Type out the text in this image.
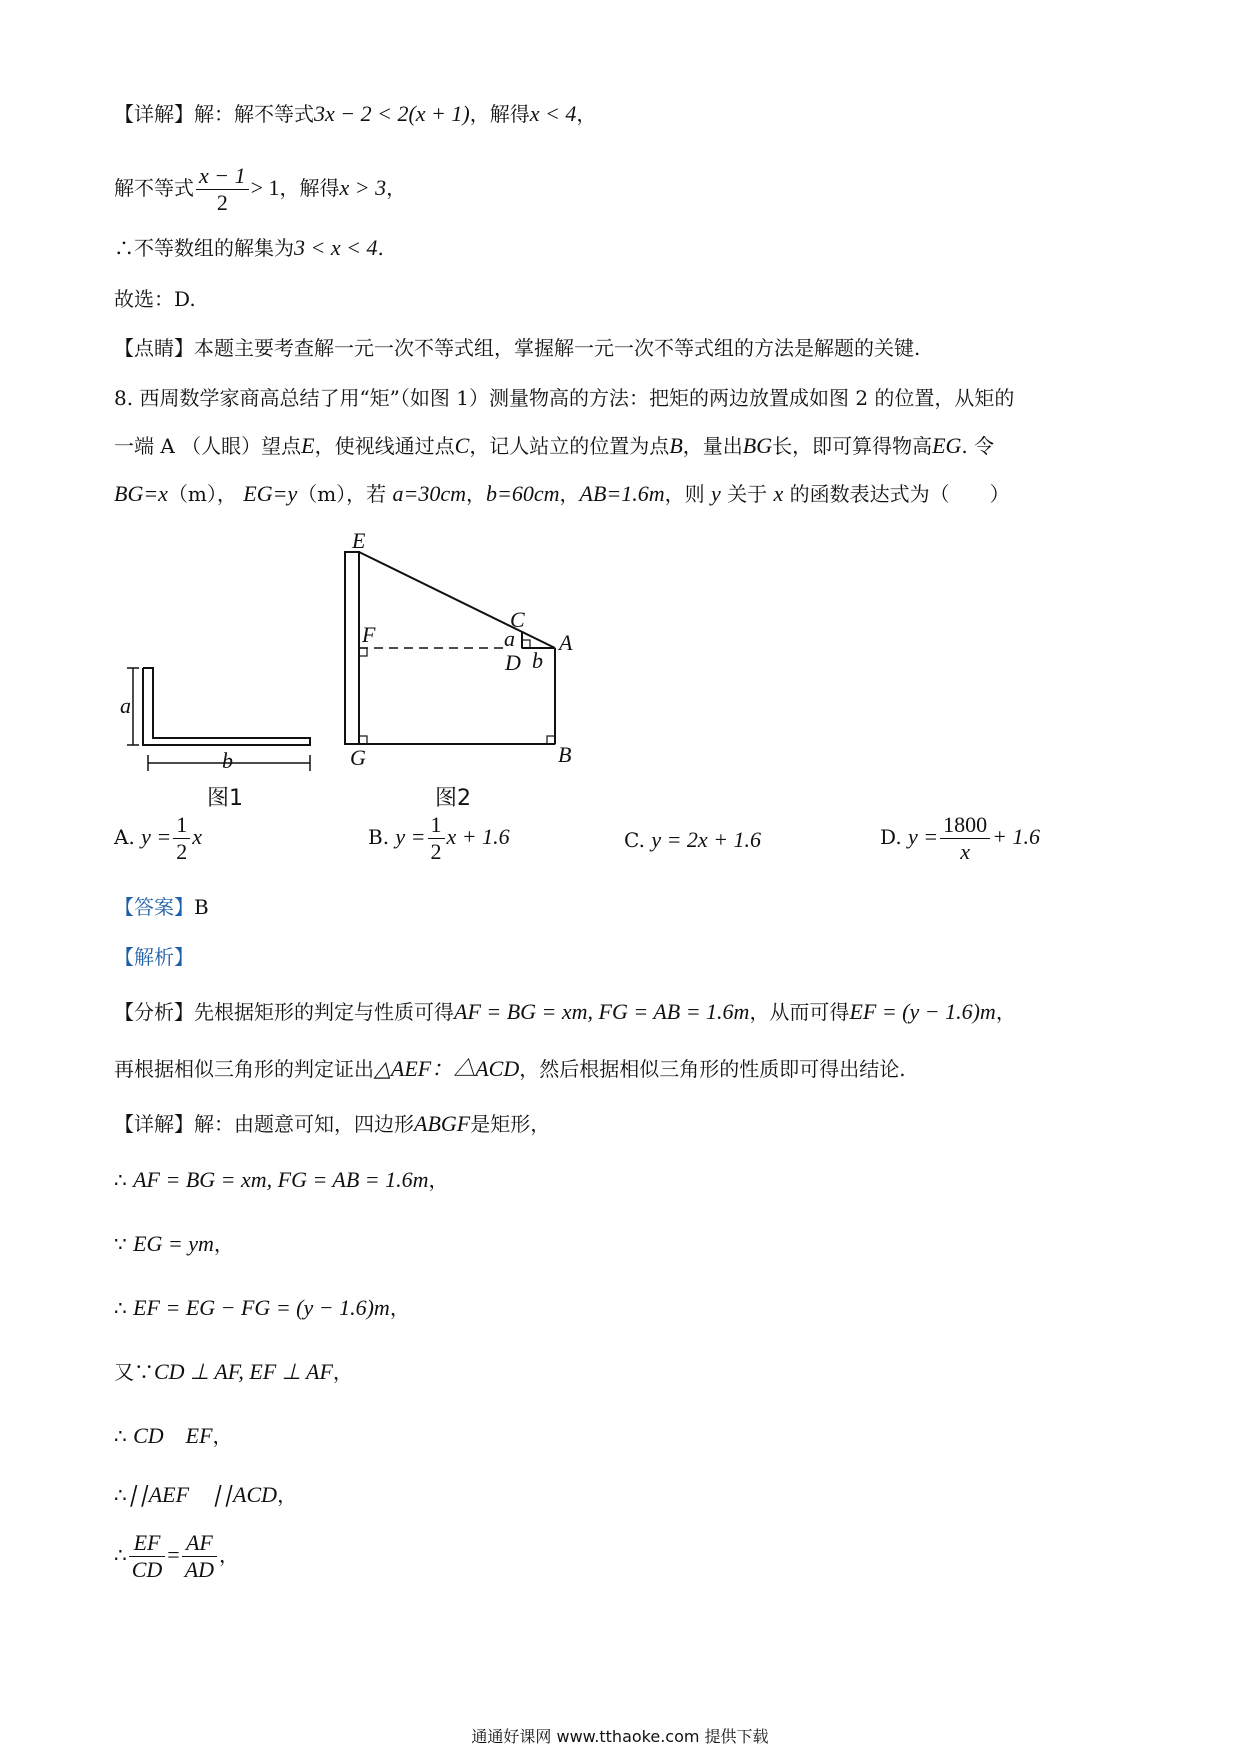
【详解】解：解不等式3x − 2 < 2(x + 1)，解得x < 4，
解不等式 $\frac{x - 1}{2} > 1$，解得x > 3，
∴不等数组的解集为3 < x < 4.
故选：D.
【点睛】本题主要考查解一元一次不等式组，掌握解一元一次不等式组的方法是解题的关键.
8. 西周数学家商高总结了用“矩”（如图 1）测量物高的方法：把矩的两边放置成如图 2 的位置，从矩的
一端 A （人眼）望点E，使视线通过点C，记人站立的位置为点B，量出BG长，即可算得物高EG. 令
BG=x（m）， EG=y（m），若 a=30cm，b=60cm，AB=1.6m，则 y 关于 x 的函数表达式为（　　）
a
b
E
F
C
a A
D b
G	B
图1	图2
A. $y = \frac{1}{2}$ x	B. $y = \frac{1}{2}$ x + 1.6	C. y = 2x + 1.6	D. $y = \frac{1800}{x} + 1.6$
【答案】B
【解析】
【分析】先根据矩形的判定与性质可得AF = BG = xm, FG = AB = 1.6m，从而可得EF = (y − 1.6)m，
再根据相似三角形的判定证出△AEF：△ACD，然后根据相似三角形的性质即可得出结论.
【详解】解：由题意可知，四边形ABGF是矩形，
∴ AF = BG = xm, FG = AB = 1.6m，
∵ EG = ym，
∴ EF = EG − FG = (y − 1.6)m，
又∵CD ⊥ AF, EF ⊥ AF，
∴ CD　EF，
∴∣∣AEF　∣∣ACD，
∴ $\frac{EF}{CD} = \frac{AF}{AD}$ ，
通通好课网 www.tthaoke.com 提供下载
